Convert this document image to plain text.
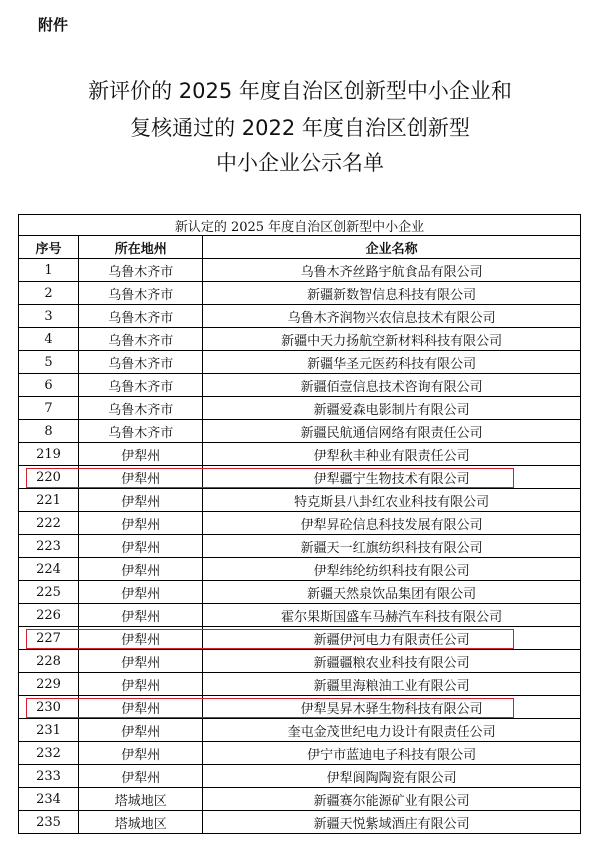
附件
新评价的 2025 年度自治区创新型中小企业和
复核通过的 2022 年度自治区创新型
中小企业公示名单
新认定的 2025 年度自治区创新型中小企业		
序号	所在地州	企业名称
1	乌鲁木齐市	乌鲁木齐丝路宇航食品有限公司
2	乌鲁木齐市	新疆新数智信息科技有限公司
3	乌鲁木齐市	乌鲁木齐润物兴农信息技术有限公司
4	乌鲁木齐市	新疆中天力扬航空新材料科技有限公司
5	乌鲁木齐市	新疆华圣元医药科技有限公司
6	乌鲁木齐市	新疆佰壹信息技术咨询有限公司
7	乌鲁木齐市	新疆爱森电影制片有限公司
8	乌鲁木齐市	新疆民航通信网络有限责任公司
219	伊犁州	伊犁秋丰种业有限责任公司
220	伊犁州	伊犁疆宁生物技术有限公司
221	伊犁州	特克斯县八卦红农业科技有限公司
222	伊犁州	伊犁昇砼信息科技发展有限公司
223	伊犁州	新疆天一红旗纺织科技有限公司
224	伊犁州	伊犁纬纶纺织科技有限公司
225	伊犁州	新疆天然泉饮品集团有限公司
226	伊犁州	霍尔果斯国盛车马赫汽车科技有限公司
227	伊犁州	新疆伊河电力有限责任公司
228	伊犁州	新疆疆粮农业科技有限公司
229	伊犁州	新疆里海粮油工业有限公司
230	伊犁州	伊犁昊昇木驿生物科技有限公司
231	伊犁州	奎屯金茂世纪电力设计有限责任公司
232	伊犁州	伊宁市蓝迪电子科技有限公司
233	伊犁州	伊犁阆陶陶瓷有限公司
234	塔城地区	新疆赛尔能源矿业有限公司
235	塔城地区	新疆天悦紫域酒庄有限公司
